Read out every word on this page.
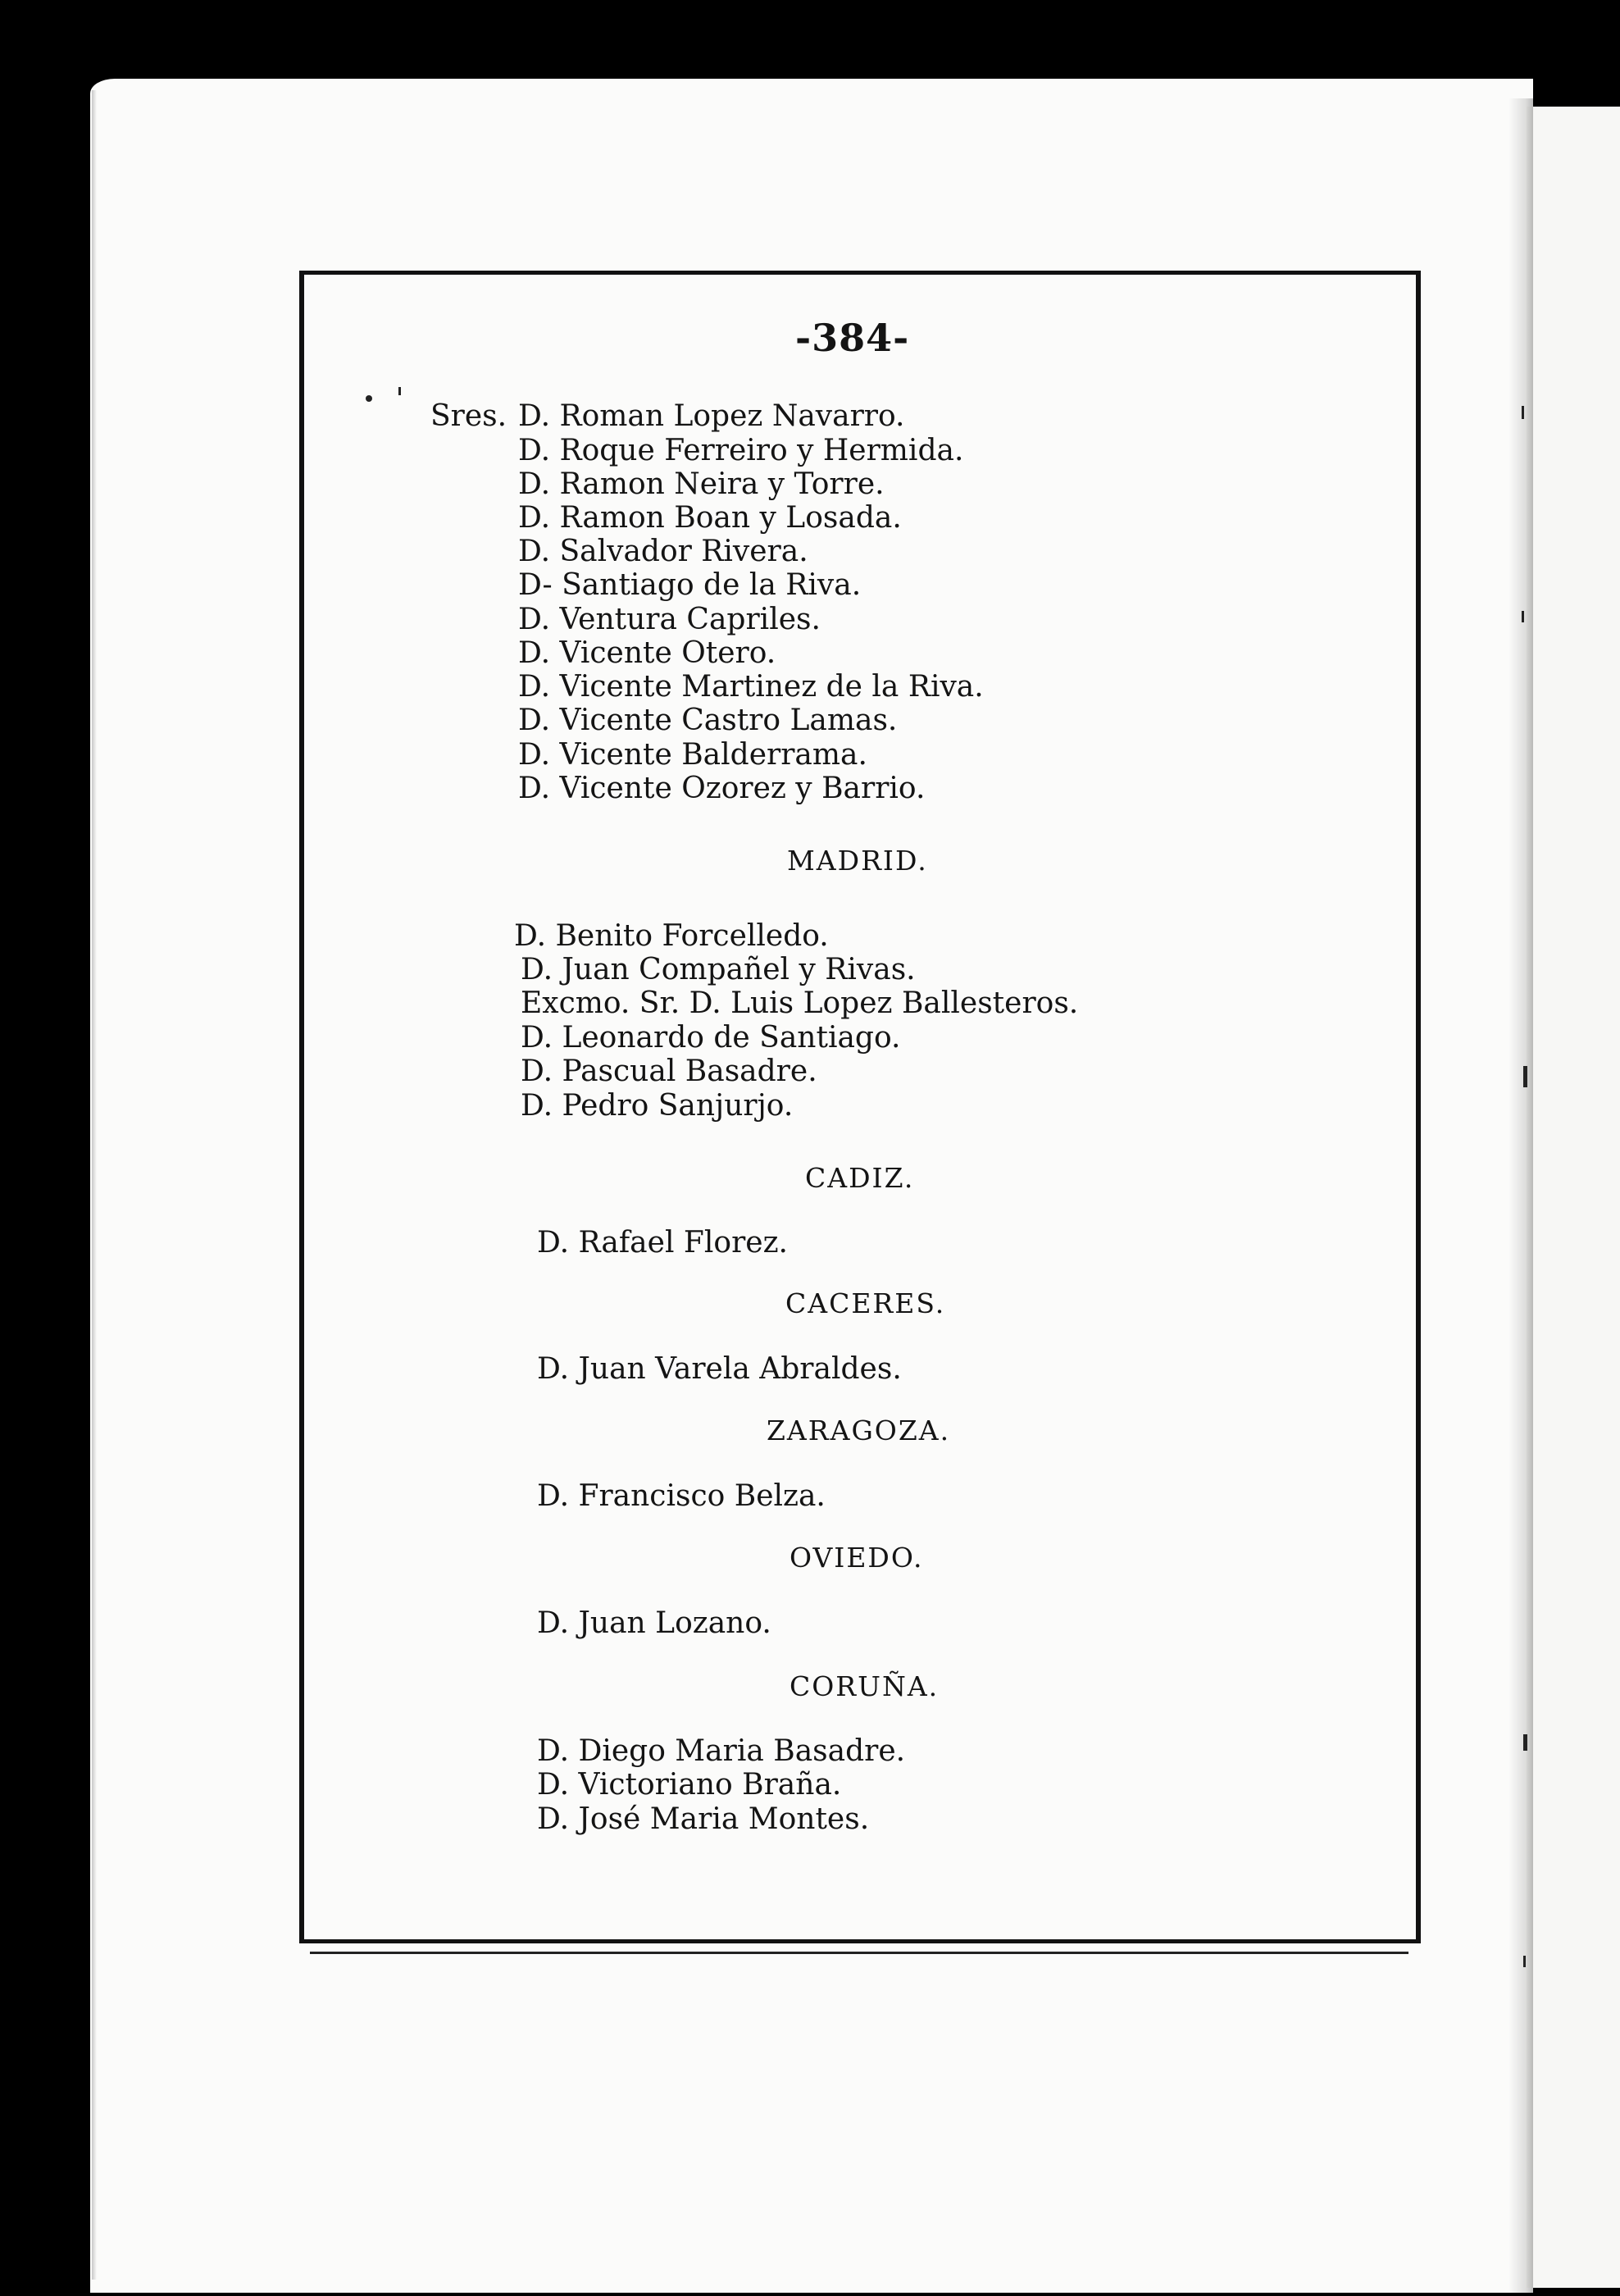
-384-
Sres. D. Roman Lopez Navarro.
D. Roque Ferreiro y Hermida.
D. Ramon Neira y Torre.
D. Ramon Boan y Losada.
D. Salvador Rivera.
D- Santiago de la Riva.
D. Ventura Capriles.
D. Vicente Otero.
D. Vicente Martinez de la Riva.
D. Vicente Castro Lamas.
D. Vicente Balderrama.
D. Vicente Ozorez y Barrio.
MADRID.
D. Benito Forcelledo.
D. Juan Compañel y Rivas.
Excmo. Sr. D. Luis Lopez Ballesteros.
D. Leonardo de Santiago.
D. Pascual Basadre.
D. Pedro Sanjurjo.
CADIZ.
D. Rafael Florez.
CACERES.
D. Juan Varela Abraldes.
ZARAGOZA.
D. Francisco Belza.
OVIEDO.
D. Juan Lozano.
CORUÑA.
D. Diego Maria Basadre.
D. Victoriano Braña.
D. José Maria Montes.
